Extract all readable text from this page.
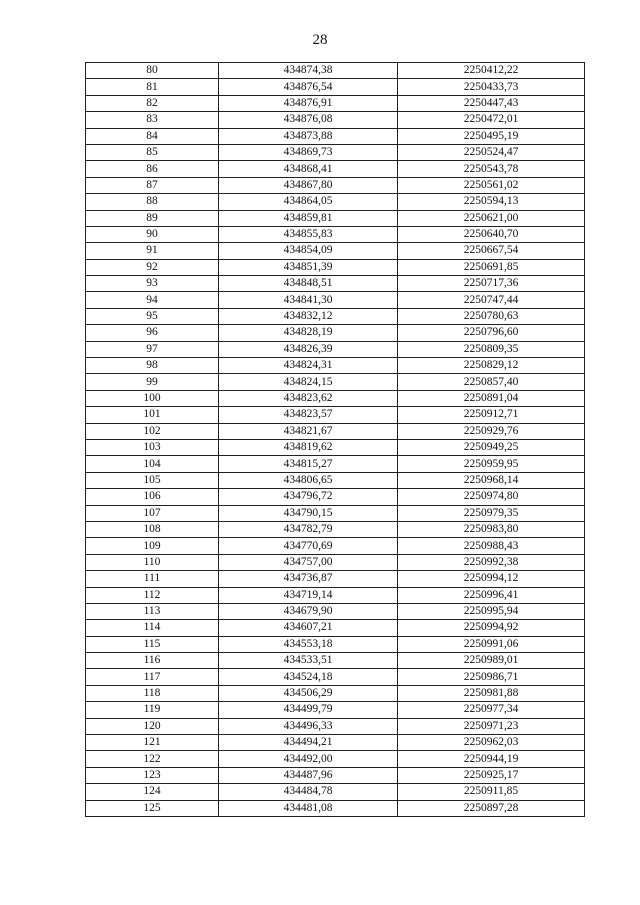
28
80	434874,38	2250412,22
81	434876,54	2250433,73
82	434876,91	2250447,43
83	434876,08	2250472,01
84	434873,88	2250495,19
85	434869,73	2250524,47
86	434868,41	2250543,78
87	434867,80	2250561,02
88	434864,05	2250594,13
89	434859,81	2250621,00
90	434855,83	2250640,70
91	434854,09	2250667,54
92	434851,39	2250691,85
93	434848,51	2250717,36
94	434841,30	2250747,44
95	434832,12	2250780,63
96	434828,19	2250796,60
97	434826,39	2250809,35
98	434824,31	2250829,12
99	434824,15	2250857,40
100	434823,62	2250891,04
101	434823,57	2250912,71
102	434821,67	2250929,76
103	434819,62	2250949,25
104	434815,27	2250959,95
105	434806,65	2250968,14
106	434796,72	2250974,80
107	434790,15	2250979,35
108	434782,79	2250983,80
109	434770,69	2250988,43
110	434757,00	2250992,38
111	434736,87	2250994,12
112	434719,14	2250996,41
113	434679,90	2250995,94
114	434607,21	2250994,92
115	434553,18	2250991,06
116	434533,51	2250989,01
117	434524,18	2250986,71
118	434506,29	2250981,88
119	434499,79	2250977,34
120	434496,33	2250971,23
121	434494,21	2250962,03
122	434492,00	2250944,19
123	434487,96	2250925,17
124	434484,78	2250911,85
125	434481,08	2250897,28
